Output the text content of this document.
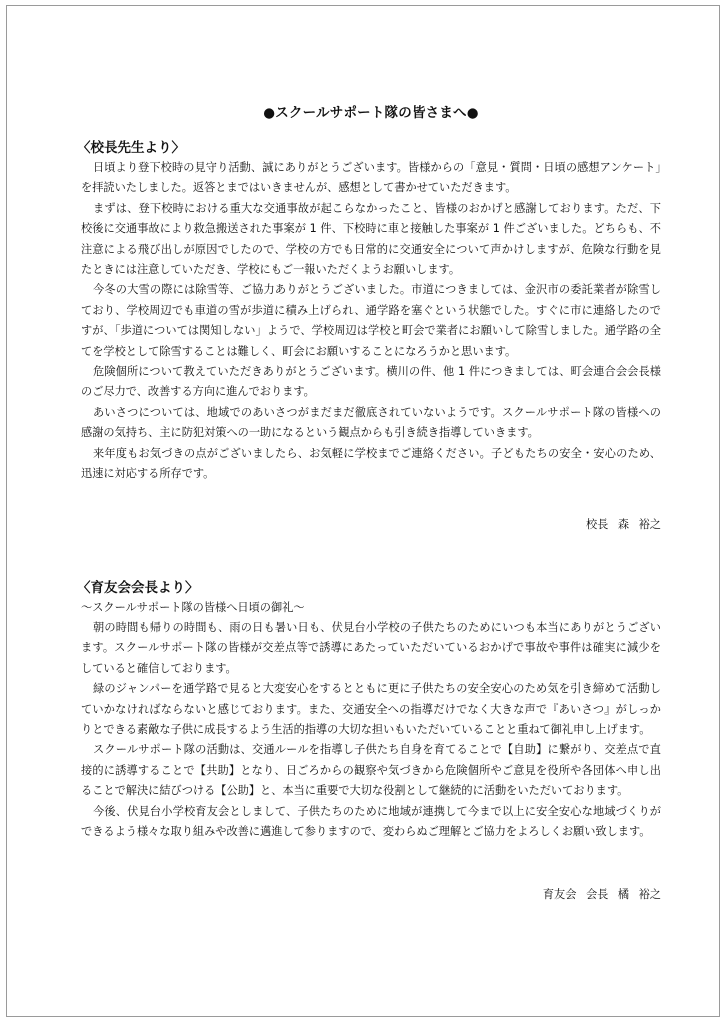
●スクールサポート隊の皆さまへ●
〈校長先生より〉

日頃より登下校時の見守り活動、誠にありがとうございます。皆様からの「意見・質問・日頃の感想アンケート」を拝読いたしました。返答とまではいきませんが、感想として書かせていただきます。

まずは、登下校時における重大な交通事故が起こらなかったこと、皆様のおかげと感謝しております。ただ、下校後に交通事故により救急搬送された事案が 1 件、下校時に車と接触した事案が 1 件ございました。どちらも、不注意による飛び出しが原因でしたので、学校の方でも日常的に交通安全について声かけしますが、危険な行動を見たときには注意していただき、学校にもご一報いただくようお願いします。

今冬の大雪の際には除雪等、ご協力ありがとうございました。市道につきましては、金沢市の委託業者が除雪しており、学校周辺でも車道の雪が歩道に積み上げられ、通学路を塞ぐという状態でした。すぐに市に連絡したのですが、「歩道については関知しない」ようで、学校周辺は学校と町会で業者にお願いして除雪しました。通学路の全てを学校として除雪することは難しく、町会にお願いすることになろうかと思います。

危険個所について教えていただきありがとうございます。横川の件、他 1 件につきましては、町会連合会会長様のご尽力で、改善する方向に進んでおります。

あいさつについては、地域でのあいさつがまだまだ徹底されていないようです。スクールサポート隊の皆様への感謝の気持ち、主に防犯対策への一助になるという観点からも引き続き指導していきます。

来年度もお気づきの点がございましたら、お気軽に学校までご連絡ください。子どもたちの安全・安心のため、迅速に対応する所存です。

校長 森 裕之
〈育友会会長より〉
～スクールサポート隊の皆様へ日頃の御礼～

朝の時間も帰りの時間も、雨の日も暑い日も、伏見台小学校の子供たちのためにいつも本当にありがとうございます。スクールサポート隊の皆様が交差点等で誘導にあたっていただいているおかげで事故や事件は確実に減少をしていると確信しております。

緑のジャンパーを通学路で見ると大変安心をするとともに更に子供たちの安全安心のため気を引き締めて活動していかなければならないと感じております。また、交通安全への指導だけでなく大きな声で『あいさつ』がしっかりとできる素敵な子供に成長するよう生活的指導の大切な担いもいただいていることと重ねて御礼申し上げます。

スクールサポート隊の活動は、交通ルールを指導し子供たち自身を育てることで【自助】に繋がり、交差点で直接的に誘導することで【共助】となり、日ごろからの観察や気づきから危険個所やご意見を役所や各団体へ申し出ることで解決に結びつける【公助】と、本当に重要で大切な役割として継続的に活動をいただいております。

今後、伏見台小学校育友会としまして、子供たちのために地域が連携して今まで以上に安全安心な地域づくりができるよう様々な取り組みや改善に邁進して参りますので、変わらぬご理解とご協力をよろしくお願い致します。

育友会 会長 橘 裕之
